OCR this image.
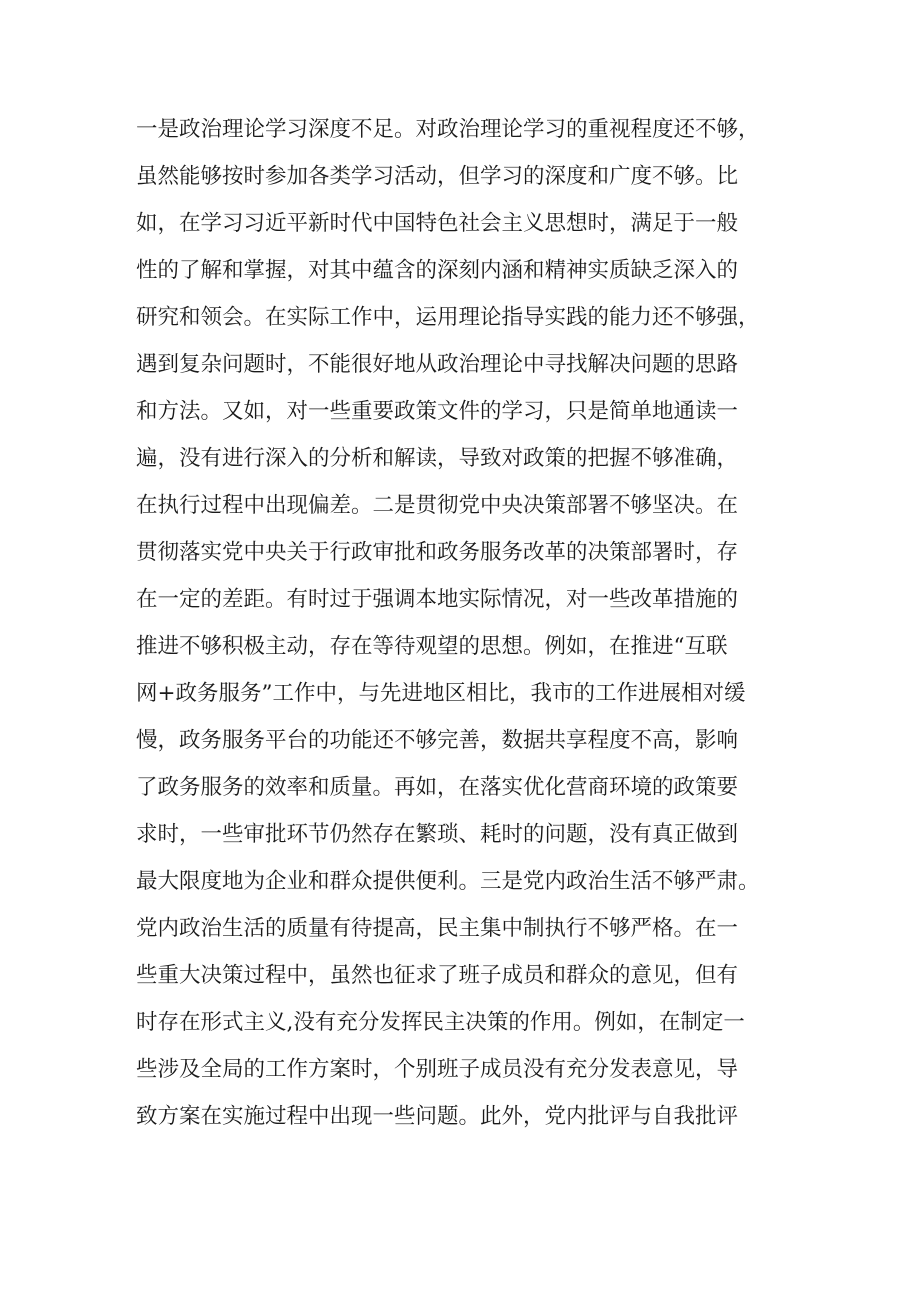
一是政治理论学习深度不足。对政治理论学习的重视程度还不够，
虽然能够按时参加各类学习活动，但学习的深度和广度不够。比
如，在学习习近平新时代中国特色社会主义思想时，满足于一般
性的了解和掌握，对其中蕴含的深刻内涵和精神实质缺乏深入的
研究和领会。在实际工作中，运用理论指导实践的能力还不够强，
遇到复杂问题时，不能很好地从政治理论中寻找解决问题的思路
和方法。又如，对一些重要政策文件的学习，只是简单地通读一
遍，没有进行深入的分析和解读，导致对政策的把握不够准确，
在执行过程中出现偏差。二是贯彻党中央决策部署不够坚决。在
贯彻落实党中央关于行政审批和政务服务改革的决策部署时，存
在一定的差距。有时过于强调本地实际情况，对一些改革措施的
推进不够积极主动，存在等待观望的思想。例如，在推进“互联
网+政务服务”工作中，与先进地区相比，我市的工作进展相对缓
慢，政务服务平台的功能还不够完善，数据共享程度不高，影响
了政务服务的效率和质量。再如，在落实优化营商环境的政策要
求时，一些审批环节仍然存在繁琐、耗时的问题，没有真正做到
最大限度地为企业和群众提供便利。三是党内政治生活不够严肃。
党内政治生活的质量有待提高，民主集中制执行不够严格。在一
些重大决策过程中，虽然也征求了班子成员和群众的意见，但有
时存在形式主义,没有充分发挥民主决策的作用。例如，在制定一
些涉及全局的工作方案时，个别班子成员没有充分发表意见，导
致方案在实施过程中出现一些问题。此外，党内批评与自我批评
